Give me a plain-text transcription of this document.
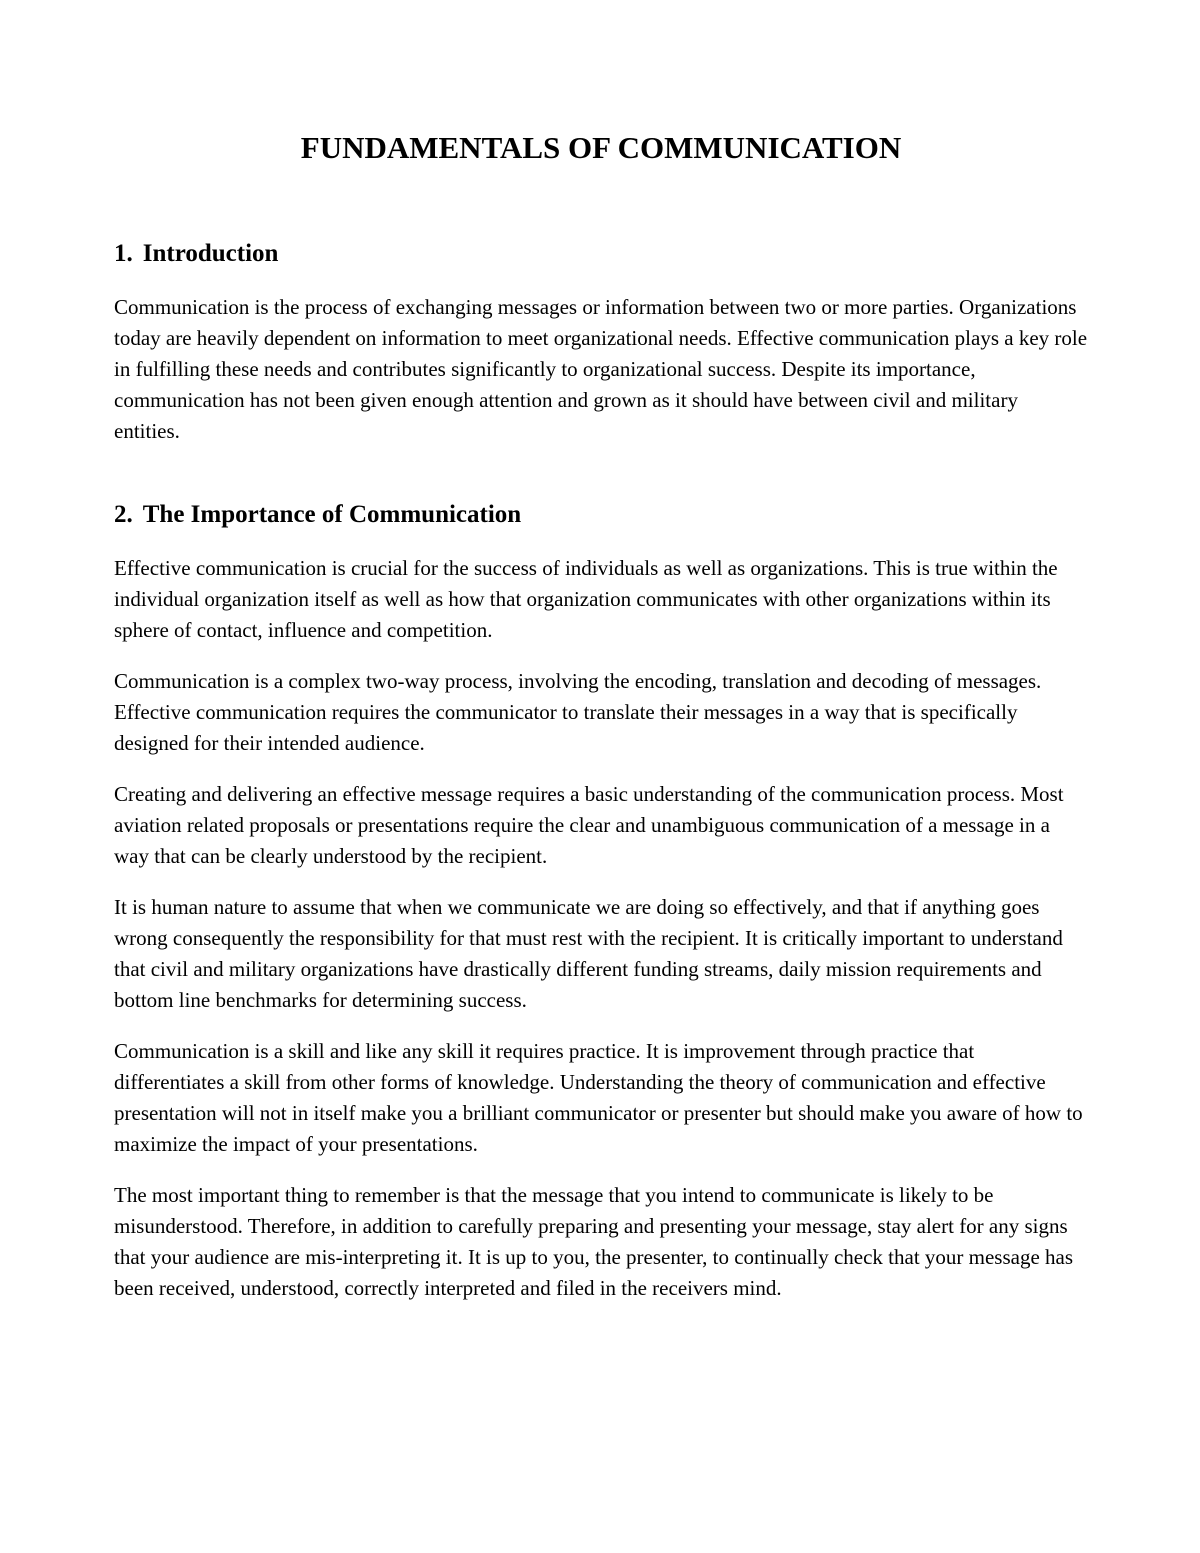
FUNDAMENTALS OF COMMUNICATION
1. Introduction

Communication is the process of exchanging messages or information between two or more parties. Organizations today are heavily dependent on information to meet organizational needs. Effective communication plays a key role in fulfilling these needs and contributes significantly to organizational success. Despite its importance, communication has not been given enough attention and grown as it should have between civil and military entities.

2. The Importance of Communication

Effective communication is crucial for the success of individuals as well as organizations. This is true within the individual organization itself as well as how that organization communicates with other organizations within its sphere of contact, influence and competition.

Communication is a complex two-way process, involving the encoding, translation and decoding of messages. Effective communication requires the communicator to translate their messages in a way that is specifically designed for their intended audience.

Creating and delivering an effective message requires a basic understanding of the communication process. Most aviation related proposals or presentations require the clear and unambiguous communication of a message in a way that can be clearly understood by the recipient.

It is human nature to assume that when we communicate we are doing so effectively, and that if anything goes wrong consequently the responsibility for that must rest with the recipient. It is critically important to understand that civil and military organizations have drastically different funding streams, daily mission requirements and bottom line benchmarks for determining success.

Communication is a skill and like any skill it requires practice. It is improvement through practice that differentiates a skill from other forms of knowledge. Understanding the theory of communication and effective presentation will not in itself make you a brilliant communicator or presenter but should make you aware of how to maximize the impact of your presentations.

The most important thing to remember is that the message that you intend to communicate is likely to be misunderstood. Therefore, in addition to carefully preparing and presenting your message, stay alert for any signs that your audience are mis-interpreting it. It is up to you, the presenter, to continually check that your message has been received, understood, correctly interpreted and filed in the receivers mind.
